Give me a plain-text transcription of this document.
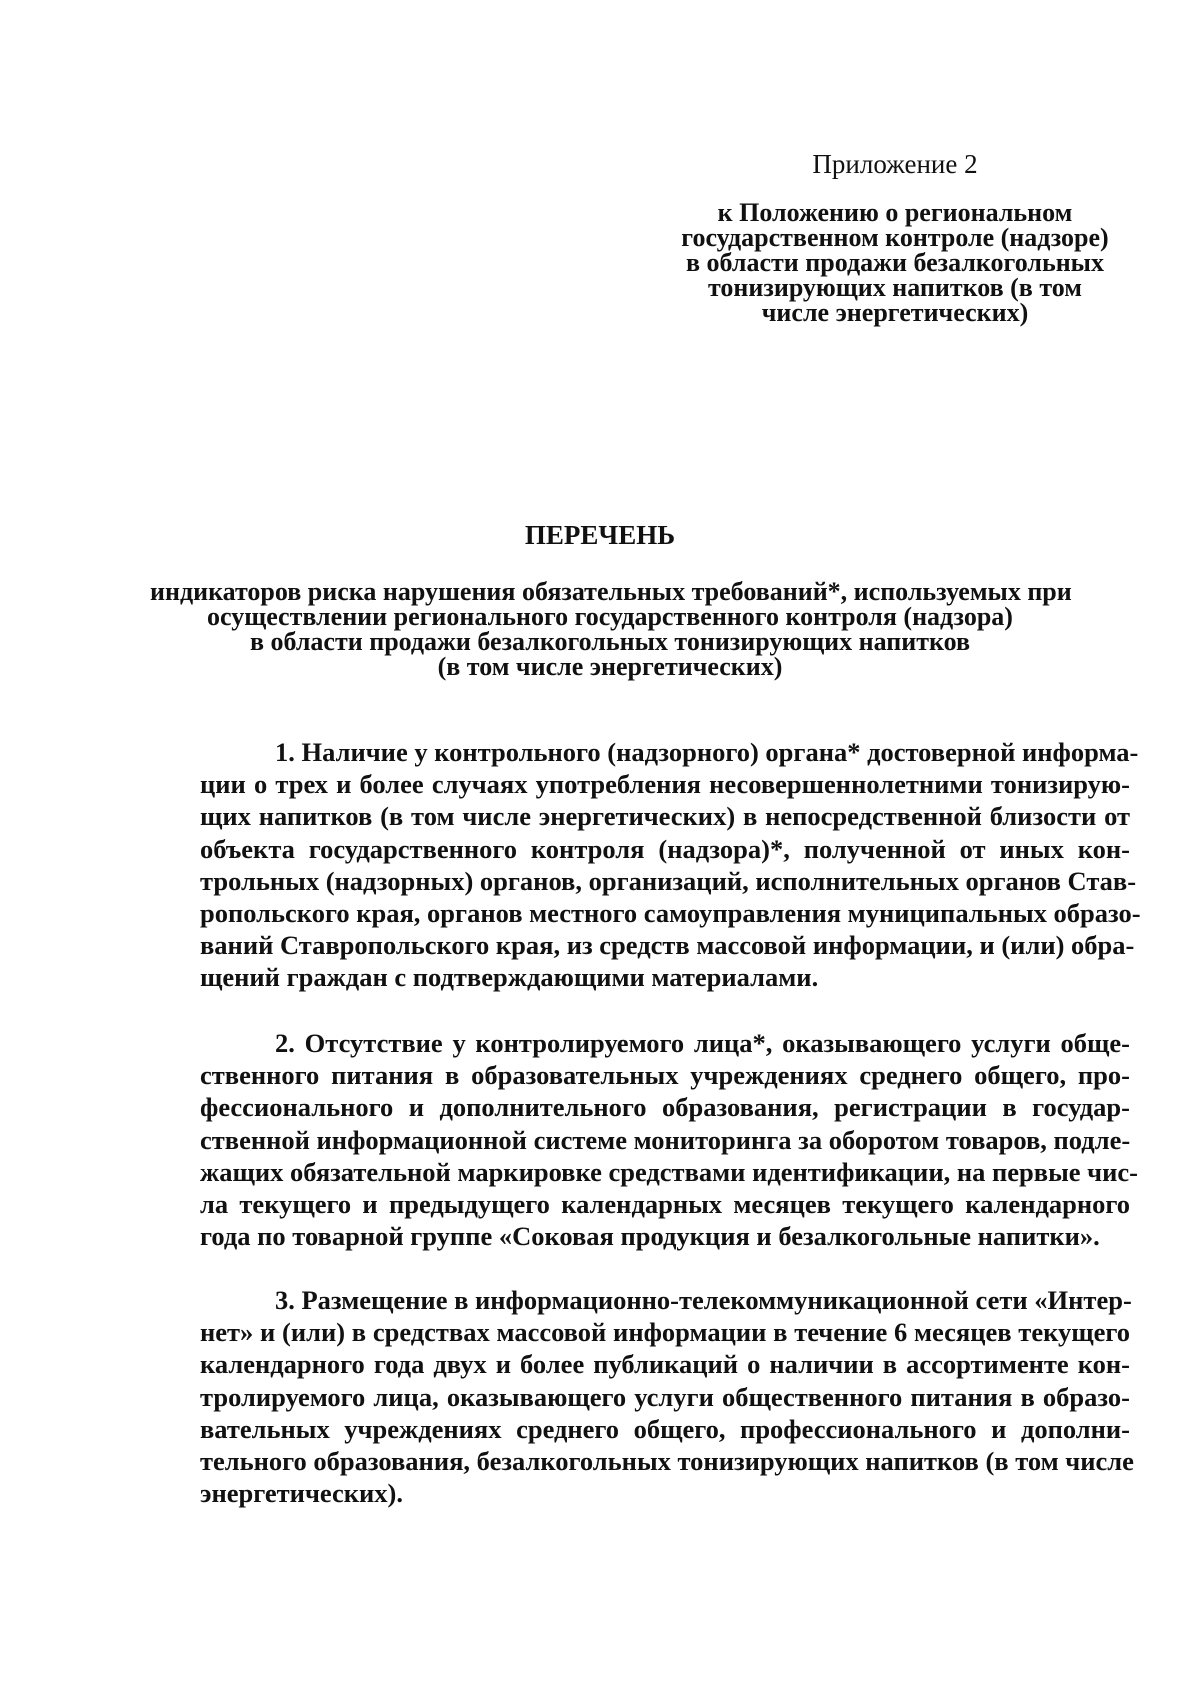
Приложение 2
к Положению о региональном
государственном контроле (надзоре)
в области продажи безалкогольных
тонизирующих напитков (в том
числе энергетических)
ПЕРЕЧЕНЬ
индикаторов риска нарушения обязательных требований*, используемых при
осуществлении регионального государственного контроля (надзора)
в области продажи безалкогольных тонизирующих напитков
(в том числе энергетических)
1. Наличие у контрольного (надзорного) органа* достоверной информа-
ции о трех и более случаях употребления несовершеннолетними тонизирую-
щих напитков (в том числе энергетических) в непосредственной близости от
объекта государственного контроля (надзора)*, полученной от иных кон-
трольных (надзорных) органов, организаций, исполнительных органов Став-
ропольского края, органов местного самоуправления муниципальных образо-
ваний Ставропольского края, из средств массовой информации, и (или) обра-
щений граждан с подтверждающими материалами.
2. Отсутствие у контролируемого лица*, оказывающего услуги обще-
ственного питания в образовательных учреждениях среднего общего, про-
фессионального и дополнительного образования, регистрации в государ-
ственной информационной системе мониторинга за оборотом товаров, подле-
жащих обязательной маркировке средствами идентификации, на первые чис-
ла текущего и предыдущего календарных месяцев текущего календарного
года по товарной группе «Соковая продукция и безалкогольные напитки».
3. Размещение в информационно-телекоммуникационной сети «Интер-
нет» и (или) в средствах массовой информации в течение 6 месяцев текущего
календарного года двух и более публикаций о наличии в ассортименте кон-
тролируемого лица, оказывающего услуги общественного питания в образо-
вательных учреждениях среднего общего, профессионального и дополни-
тельного образования, безалкогольных тонизирующих напитков (в том числе
энергетических).
